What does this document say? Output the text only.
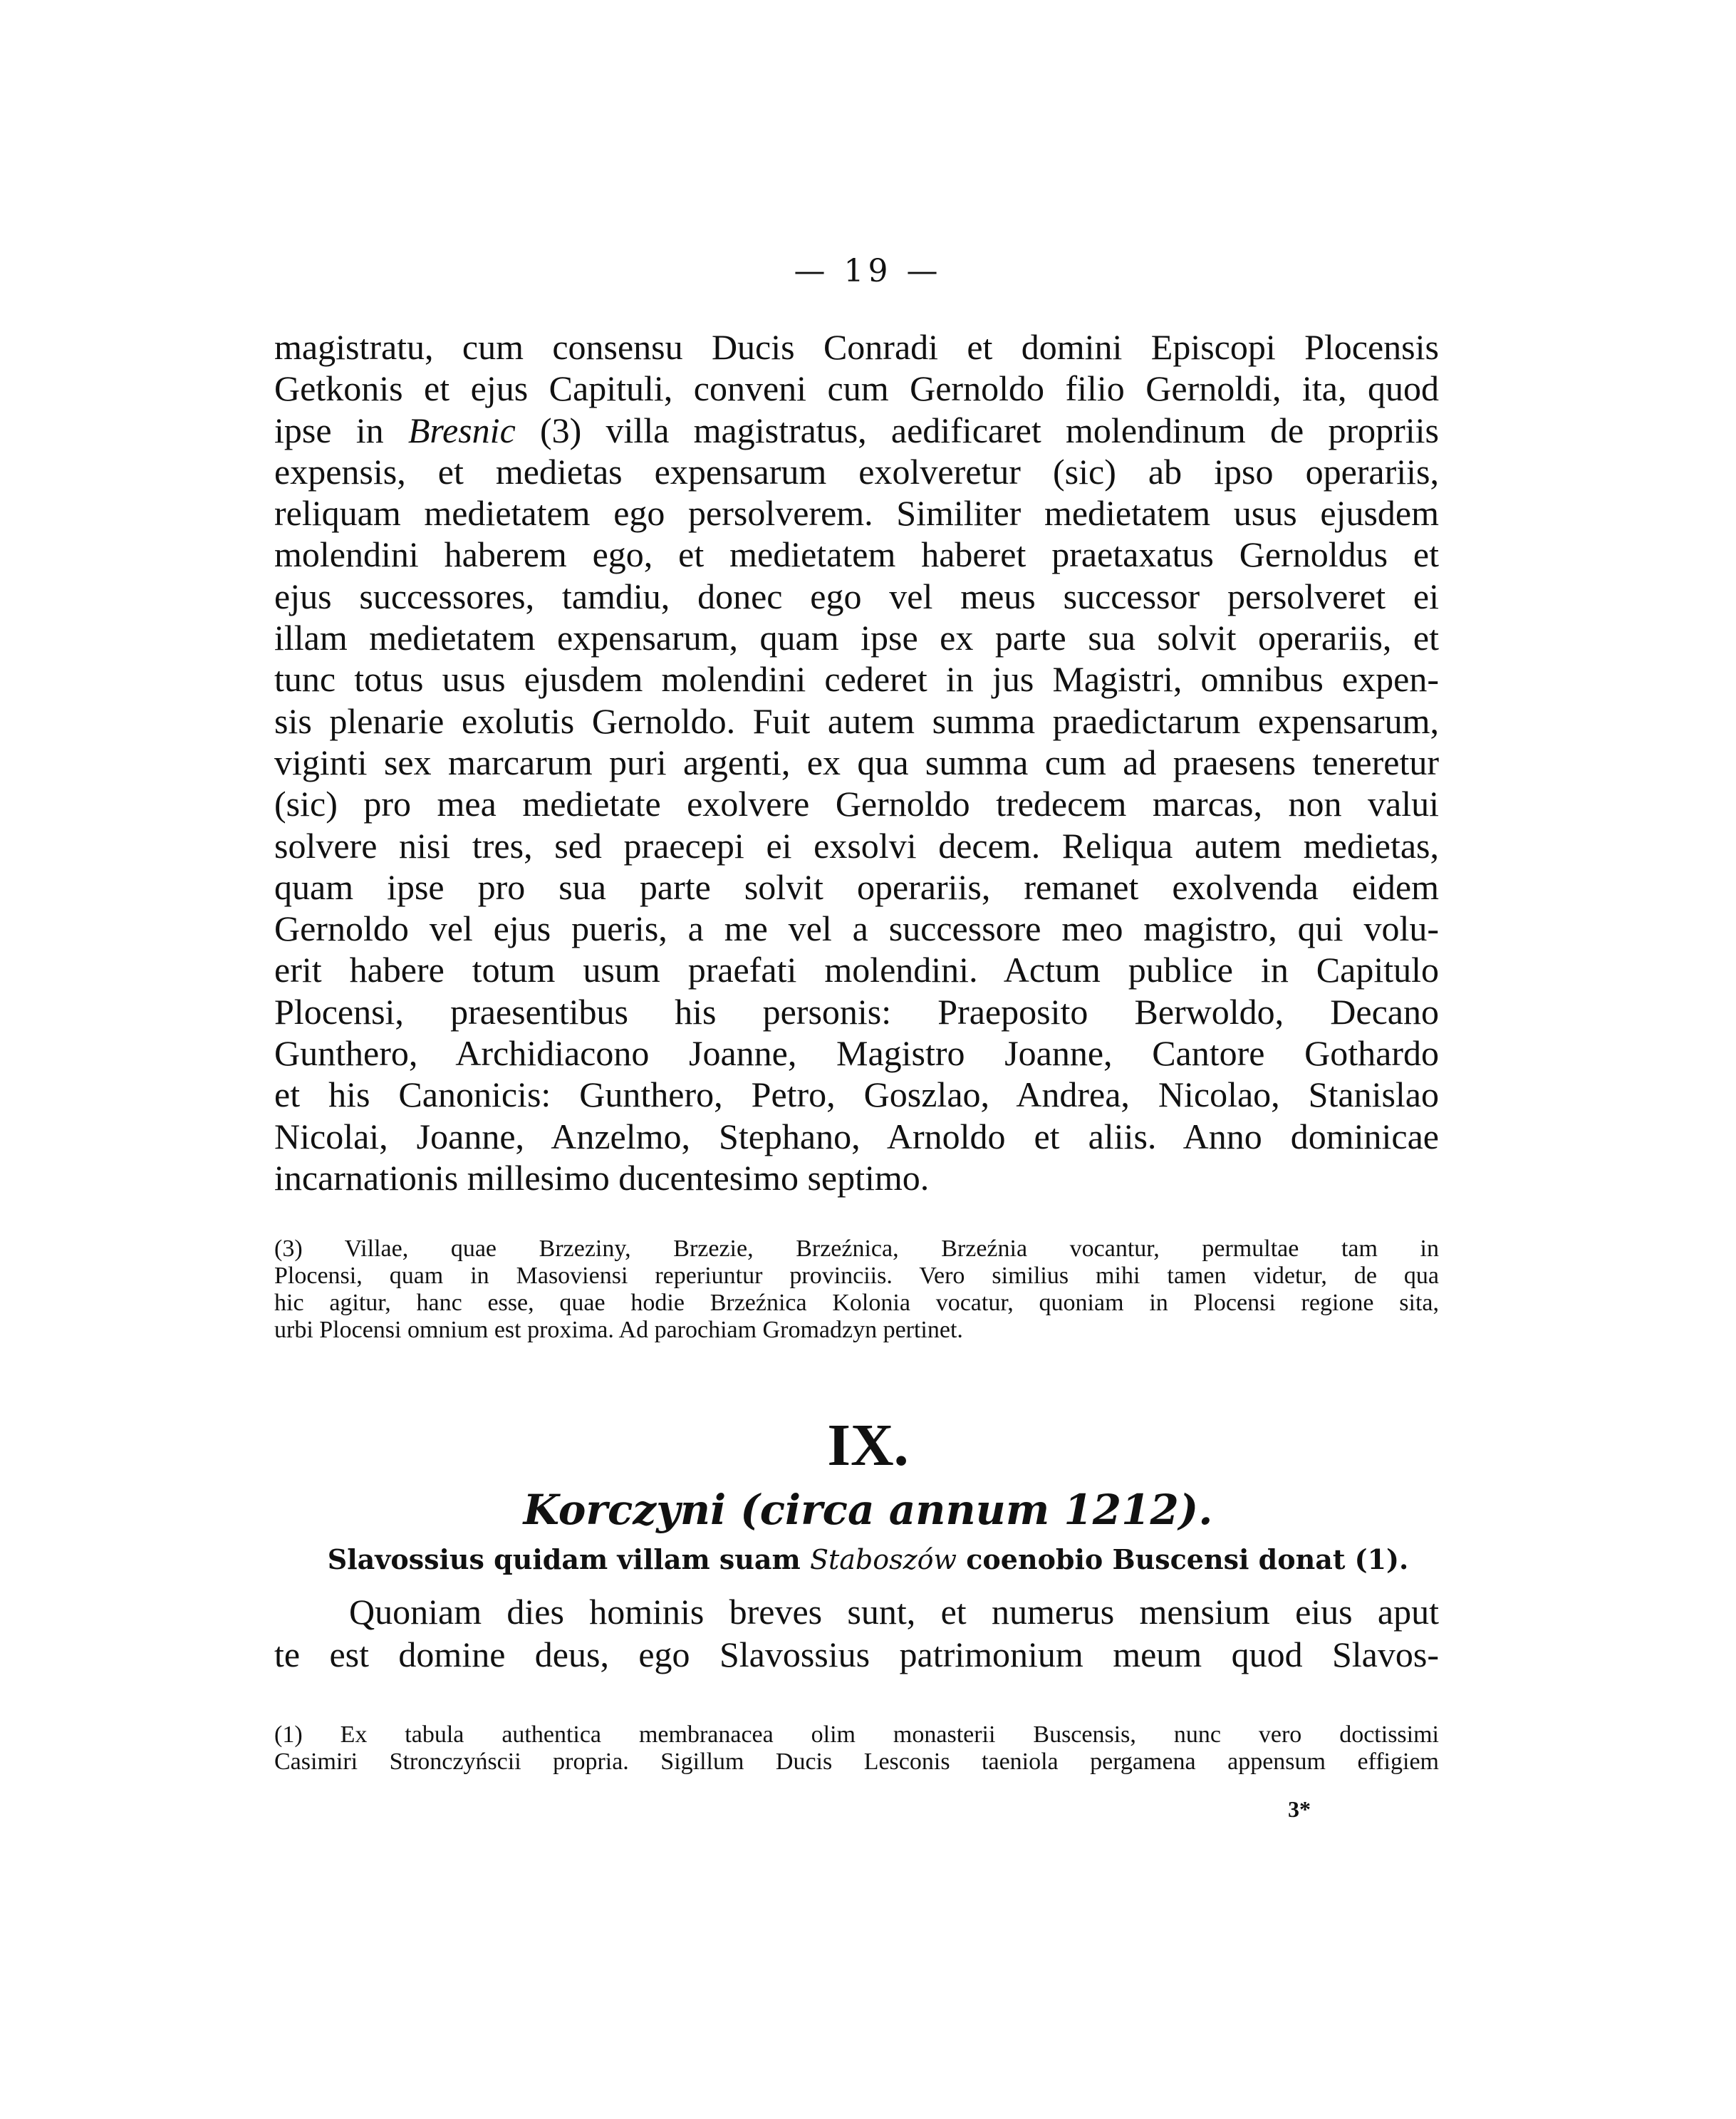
— 19 —
magistratu, cum consensu Ducis Conradi et domini Episcopi Plocensis
Getkonis et ejus Capituli, conveni cum Gernoldo filio Gernoldi, ita, quod
ipse in Bresnic (3) villa magistratus, aedificaret molendinum de propriis
expensis, et medietas expensarum exolveretur (sic) ab ipso operariis,
reliquam medietatem ego persolverem. Similiter medietatem usus ejusdem
molendini haberem ego, et medietatem haberet praetaxatus Gernoldus et
ejus successores, tamdiu, donec ego vel meus successor persolveret ei
illam medietatem expensarum, quam ipse ex parte sua solvit operariis, et
tunc totus usus ejusdem molendini cederet in jus Magistri, omnibus expen-
sis plenarie exolutis Gernoldo. Fuit autem summa praedictarum expensarum,
viginti sex marcarum puri argenti, ex qua summa cum ad praesens teneretur
(sic) pro mea medietate exolvere Gernoldo tredecem marcas, non valui
solvere nisi tres, sed praecepi ei exsolvi decem. Reliqua autem medietas,
quam ipse pro sua parte solvit operariis, remanet exolvenda eidem
Gernoldo vel ejus pueris, a me vel a successore meo magistro, qui volu-
erit habere totum usum praefati molendini. Actum publice in Capitulo
Plocensi, praesentibus his personis: Praeposito Berwoldo, Decano
Gunthero, Archidiacono Joanne, Magistro Joanne, Cantore Gothardo
et his Canonicis: Gunthero, Petro, Goszlao, Andrea, Nicolao, Stanislao
Nicolai, Joanne, Anzelmo, Stephano, Arnoldo et aliis. Anno dominicae
incarnationis millesimo ducentesimo septimo.
(3) Villae, quae Brzeziny, Brzezie, Brzeźnica, Brzeźnia vocantur, permultae tam in
Plocensi, quam in Masoviensi reperiuntur provinciis. Vero similius mihi tamen videtur, de qua
hic agitur, hanc esse, quae hodie Brzeźnica Kolonia vocatur, quoniam in Plocensi regione sita,
urbi Plocensi omnium est proxima. Ad parochiam Gromadzyn pertinet.
IX.
Korczyni (circa annum 1212).
Slavossius quidam villam suam Staboszów coenobio Buscensi donat (1).
Quoniam dies hominis breves sunt, et numerus mensium eius aput
te est domine deus, ego Slavossius patrimonium meum quod Slavos-
(1) Ex tabula authentica membranacea olim monasterii Buscensis, nunc vero doctissimi
Casimiri Stronczyńscii propria. Sigillum Ducis Lesconis taeniola pergamena appensum effigiem
3*
